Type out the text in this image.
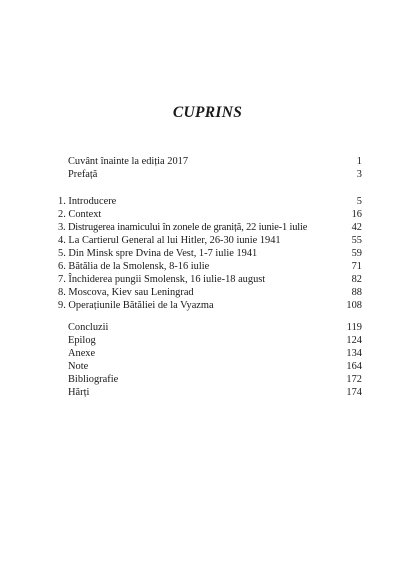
CUPRINS
Cuvânt înainte la ediția 2017	1
Prefață	3
1. Introducere	5
2. Context	16
3. Distrugerea inamicului în zonele de graniță, 22 iunie-1 iulie	42
4. La Cartierul General al lui Hitler, 26-30 iunie 1941	55
5. Din Minsk spre Dvina de Vest, 1-7 iulie 1941	59
6. Bătălia de la Smolensk, 8-16 iulie	71
7. Închiderea pungii Smolensk, 16 iulie-18 august	82
8. Moscova, Kiev sau Leningrad	88
9. Operațiunile Bătăliei de la Vyazma	108
Concluzii	119
Epilog	124
Anexe	134
Note	164
Bibliografie	172
Hărți	174
